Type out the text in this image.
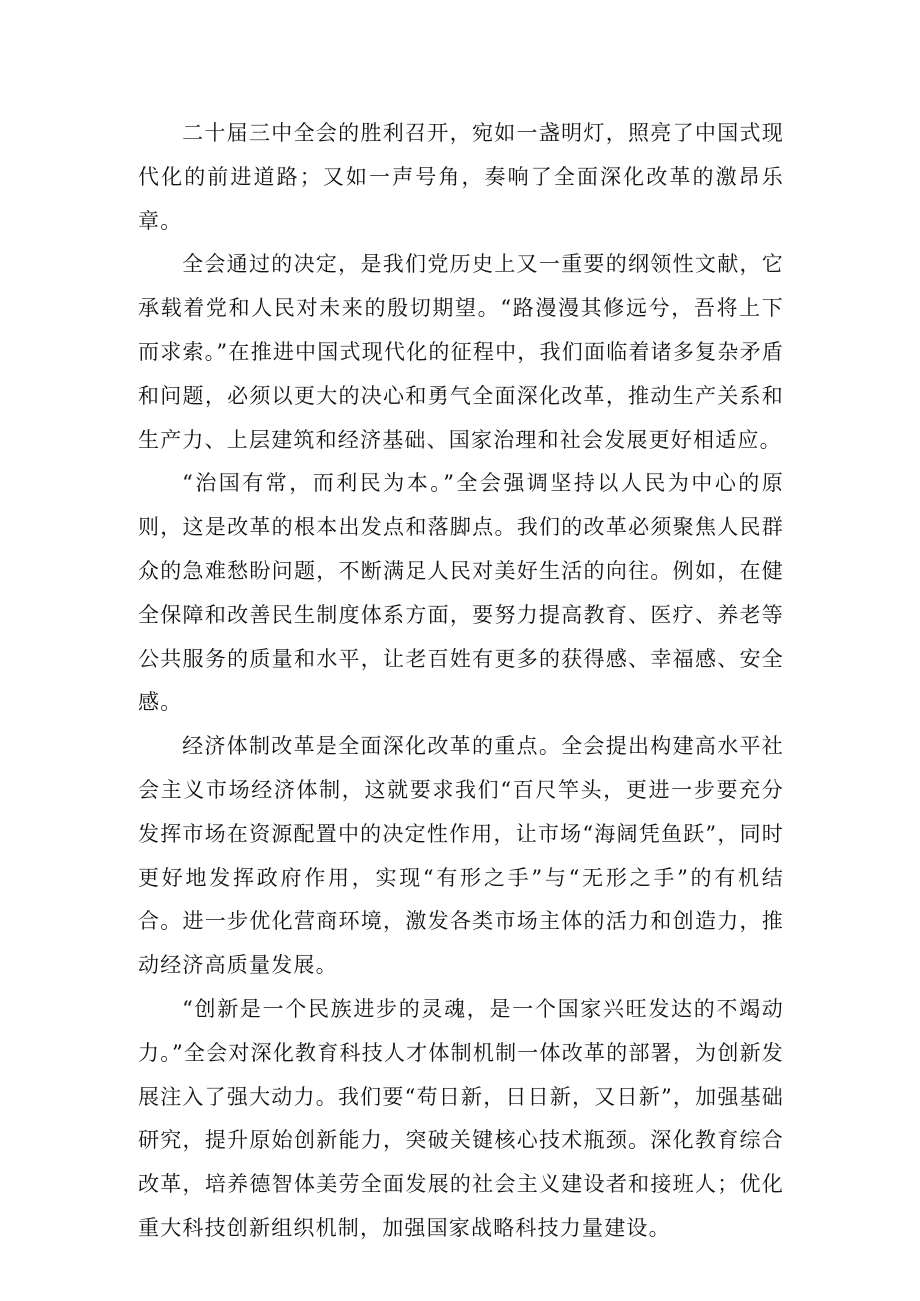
二十届三中全会的胜利召开，宛如一盏明灯，照亮了中国式现代化的前进道路；又如一声号角，奏响了全面深化改革的激昂乐章。

全会通过的决定，是我们党历史上又一重要的纲领性文献，它承载着党和人民对未来的殷切期望。“路漫漫其修远兮，吾将上下而求索。”在推进中国式现代化的征程中，我们面临着诸多复杂矛盾和问题，必须以更大的决心和勇气全面深化改革，推动生产关系和生产力、上层建筑和经济基础、国家治理和社会发展更好相适应。

“治国有常，而利民为本。”全会强调坚持以人民为中心的原则，这是改革的根本出发点和落脚点。我们的改革必须聚焦人民群众的急难愁盼问题，不断满足人民对美好生活的向往。例如，在健全保障和改善民生制度体系方面，要努力提高教育、医疗、养老等公共服务的质量和水平，让老百姓有更多的获得感、幸福感、安全感。

经济体制改革是全面深化改革的重点。全会提出构建高水平社会主义市场经济体制，这就要求我们“百尺竿头，更进一步要充分发挥市场在资源配置中的决定性作用，让市场“海阔凭鱼跃”，同时更好地发挥政府作用，实现“有形之手”与“无形之手”的有机结合。进一步优化营商环境，激发各类市场主体的活力和创造力，推动经济高质量发展。

“创新是一个民族进步的灵魂，是一个国家兴旺发达的不竭动力。”全会对深化教育科技人才体制机制一体改革的部署，为创新发展注入了强大动力。我们要“苟日新，日日新，又日新”，加强基础研究，提升原始创新能力，突破关键核心技术瓶颈。深化教育综合改革，培养德智体美劳全面发展的社会主义建设者和接班人；优化重大科技创新组织机制，加强国家战略科技力量建设。
